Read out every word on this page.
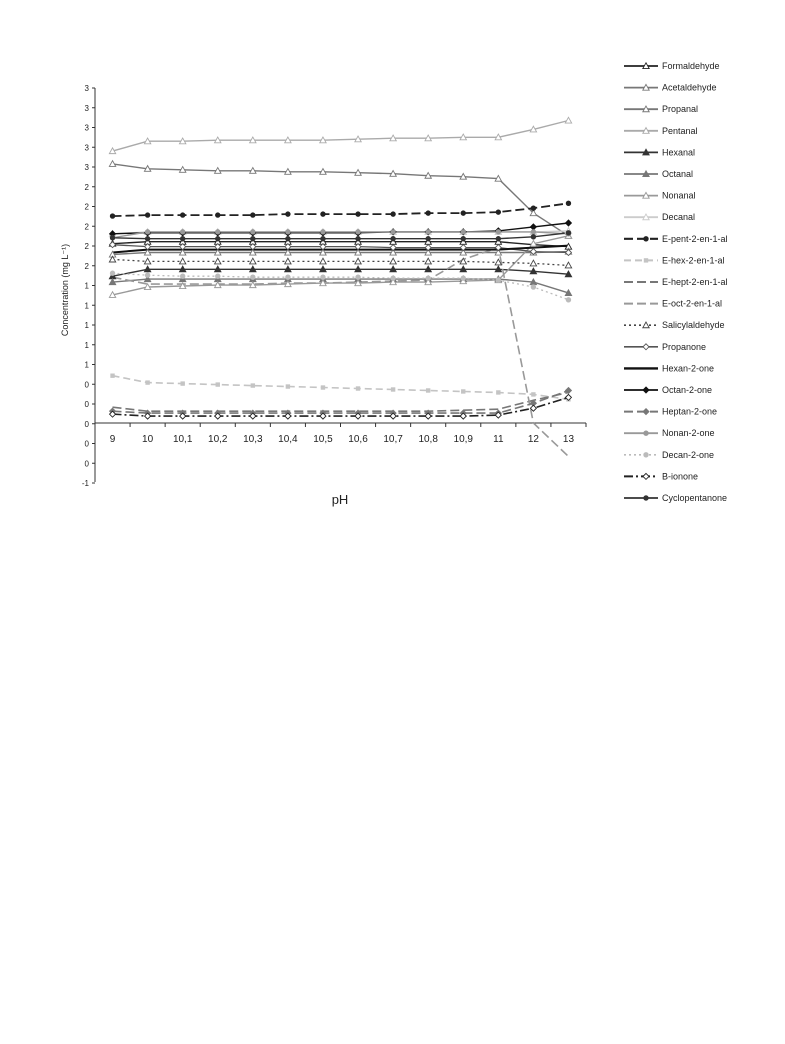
3
3
3
3
3
2
2
2
2
2
1
1
1
1
1
0
0
0
0
0
-1
9	10 10,1 10,2 10,3 10,4 10,5 10,6 10,7 10,8 10,9 11 12 13
Concentration (mg L⁻¹)
pH
Formaldehyde
Acetaldehyde
Propanal
Pentanal
Hexanal
Octanal
Nonanal
Decanal
E-pent-2-en-1-al
E-hex-2-en-1-al
E-hept-2-en-1-al
E-oct-2-en-1-al
Salicylaldehyde
Propanone
Hexan-2-one
Octan-2-one
Heptan-2-one
Nonan-2-one
Decan-2-one
B-ionone
Cyclopentanone
